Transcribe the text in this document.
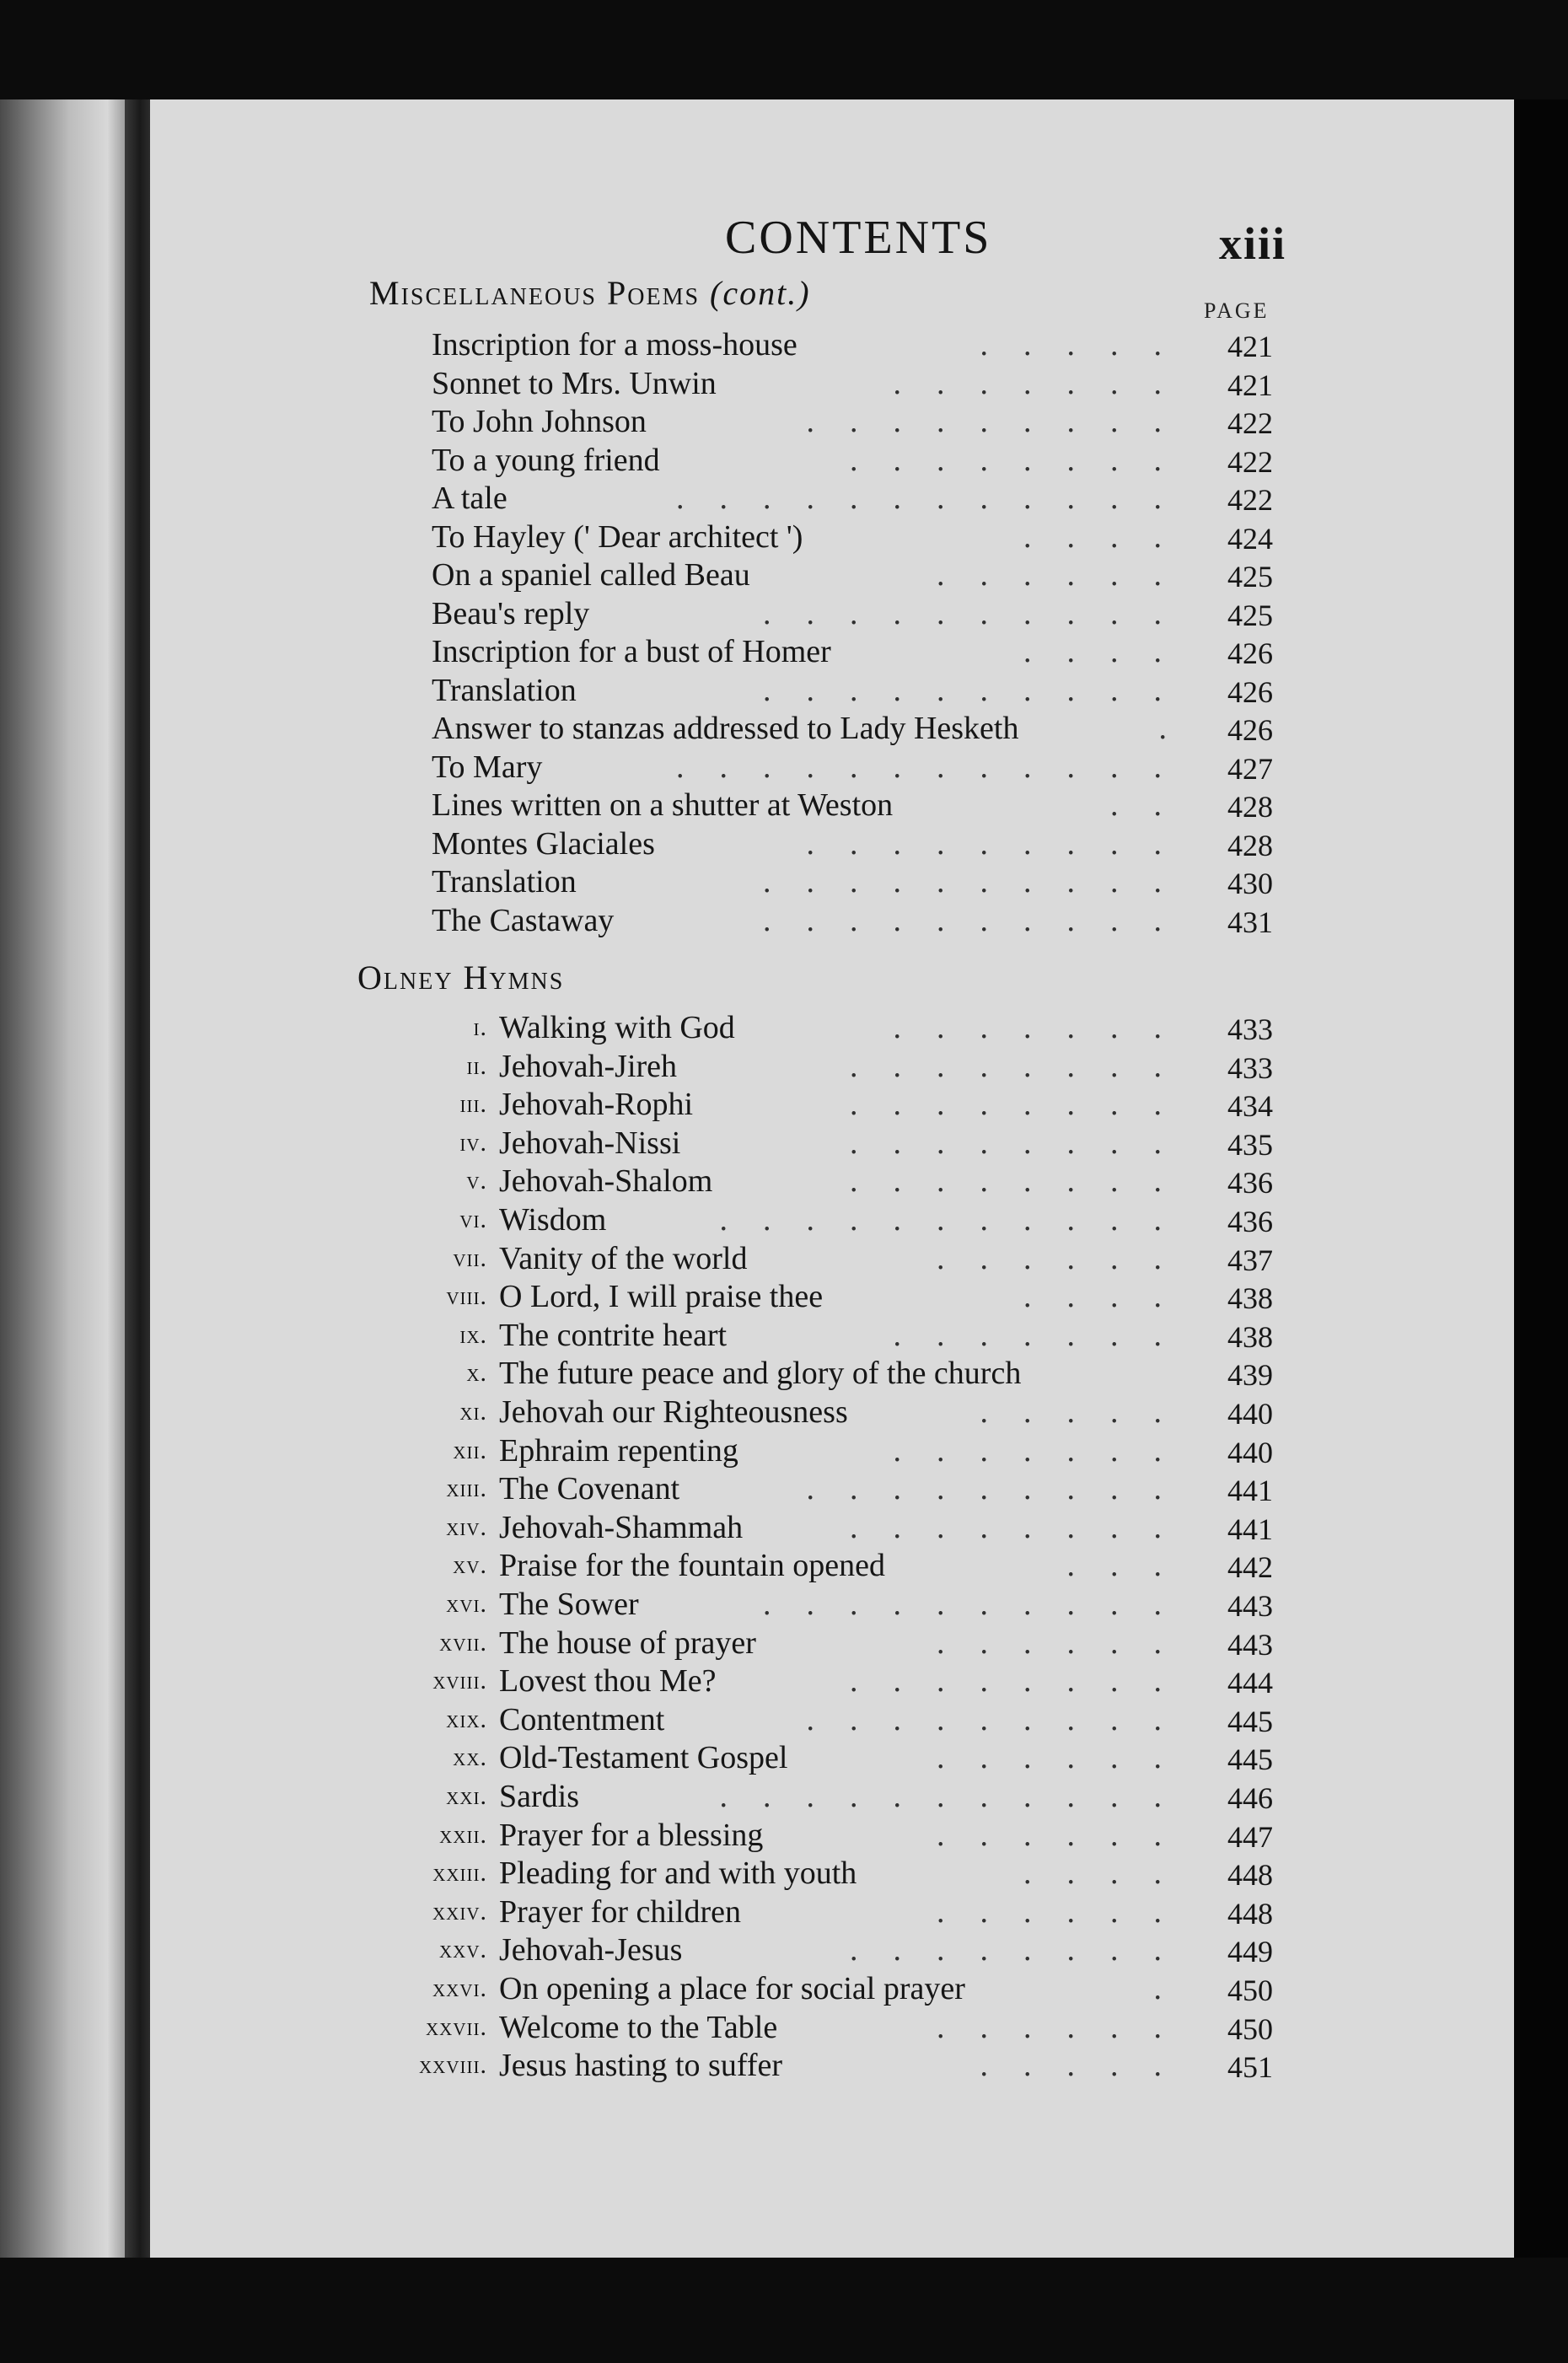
CONTENTS	xiii
Miscellaneous Poems (cont.)	PAGE
Olney Hymns
Inscription for a moss-house	.....	421
Sonnet to Mrs. Unwin	.......	421
To John Johnson	.........	422
To a young friend	........	422
A tale	............	422
To Hayley (' Dear architect ')	....	424
On a spaniel called Beau	......	425
Beau's reply	..........	425
Inscription for a bust of Homer	....	426
Translation	..........	426
Answer to stanzas addressed to Lady Hesketh	. 426
To Mary	............	427
Lines written on a shutter at Weston	..	428
Montes Glaciales	.........	428
Translation	..........	430
The Castaway	..........	431
i. Walking with God	.......	433
ii. Jehovah-Jireh	........	433
iii. Jehovah-Rophi	........	434
iv. Jehovah-Nissi	........	435
v. Jehovah-Shalom	........	436
vi. Wisdom	...........	436
vii. Vanity of the world	......	437
viii. O Lord, I will praise thee	....	438
ix. The contrite heart	.......	438
x. The future peace and glory of the church	439
xi. Jehovah our Righteousness	.....	440
xii. Ephraim repenting	.......	440
xiii. The Covenant	.........	441
xiv. Jehovah-Shammah	........	441
xv. Praise for the fountain opened	...	442
xvi. The Sower	..........	443
xvii. The house of prayer	......	443
xviii. Lovest thou Me?	........	444
xix. Contentment	.........	445
xx. Old-Testament Gospel	......	445
xxi. Sardis	...........	446
xxii. Prayer for a blessing	......	447
xxiii. Pleading for and with youth	....	448
xxiv. Prayer for children	......	448
xxv. Jehovah-Jesus	........	449
xxvi. On opening a place for social prayer	.	450
xxvii. Welcome to the Table	......	450
xxviii. Jesus hasting to suffer	.....	451
